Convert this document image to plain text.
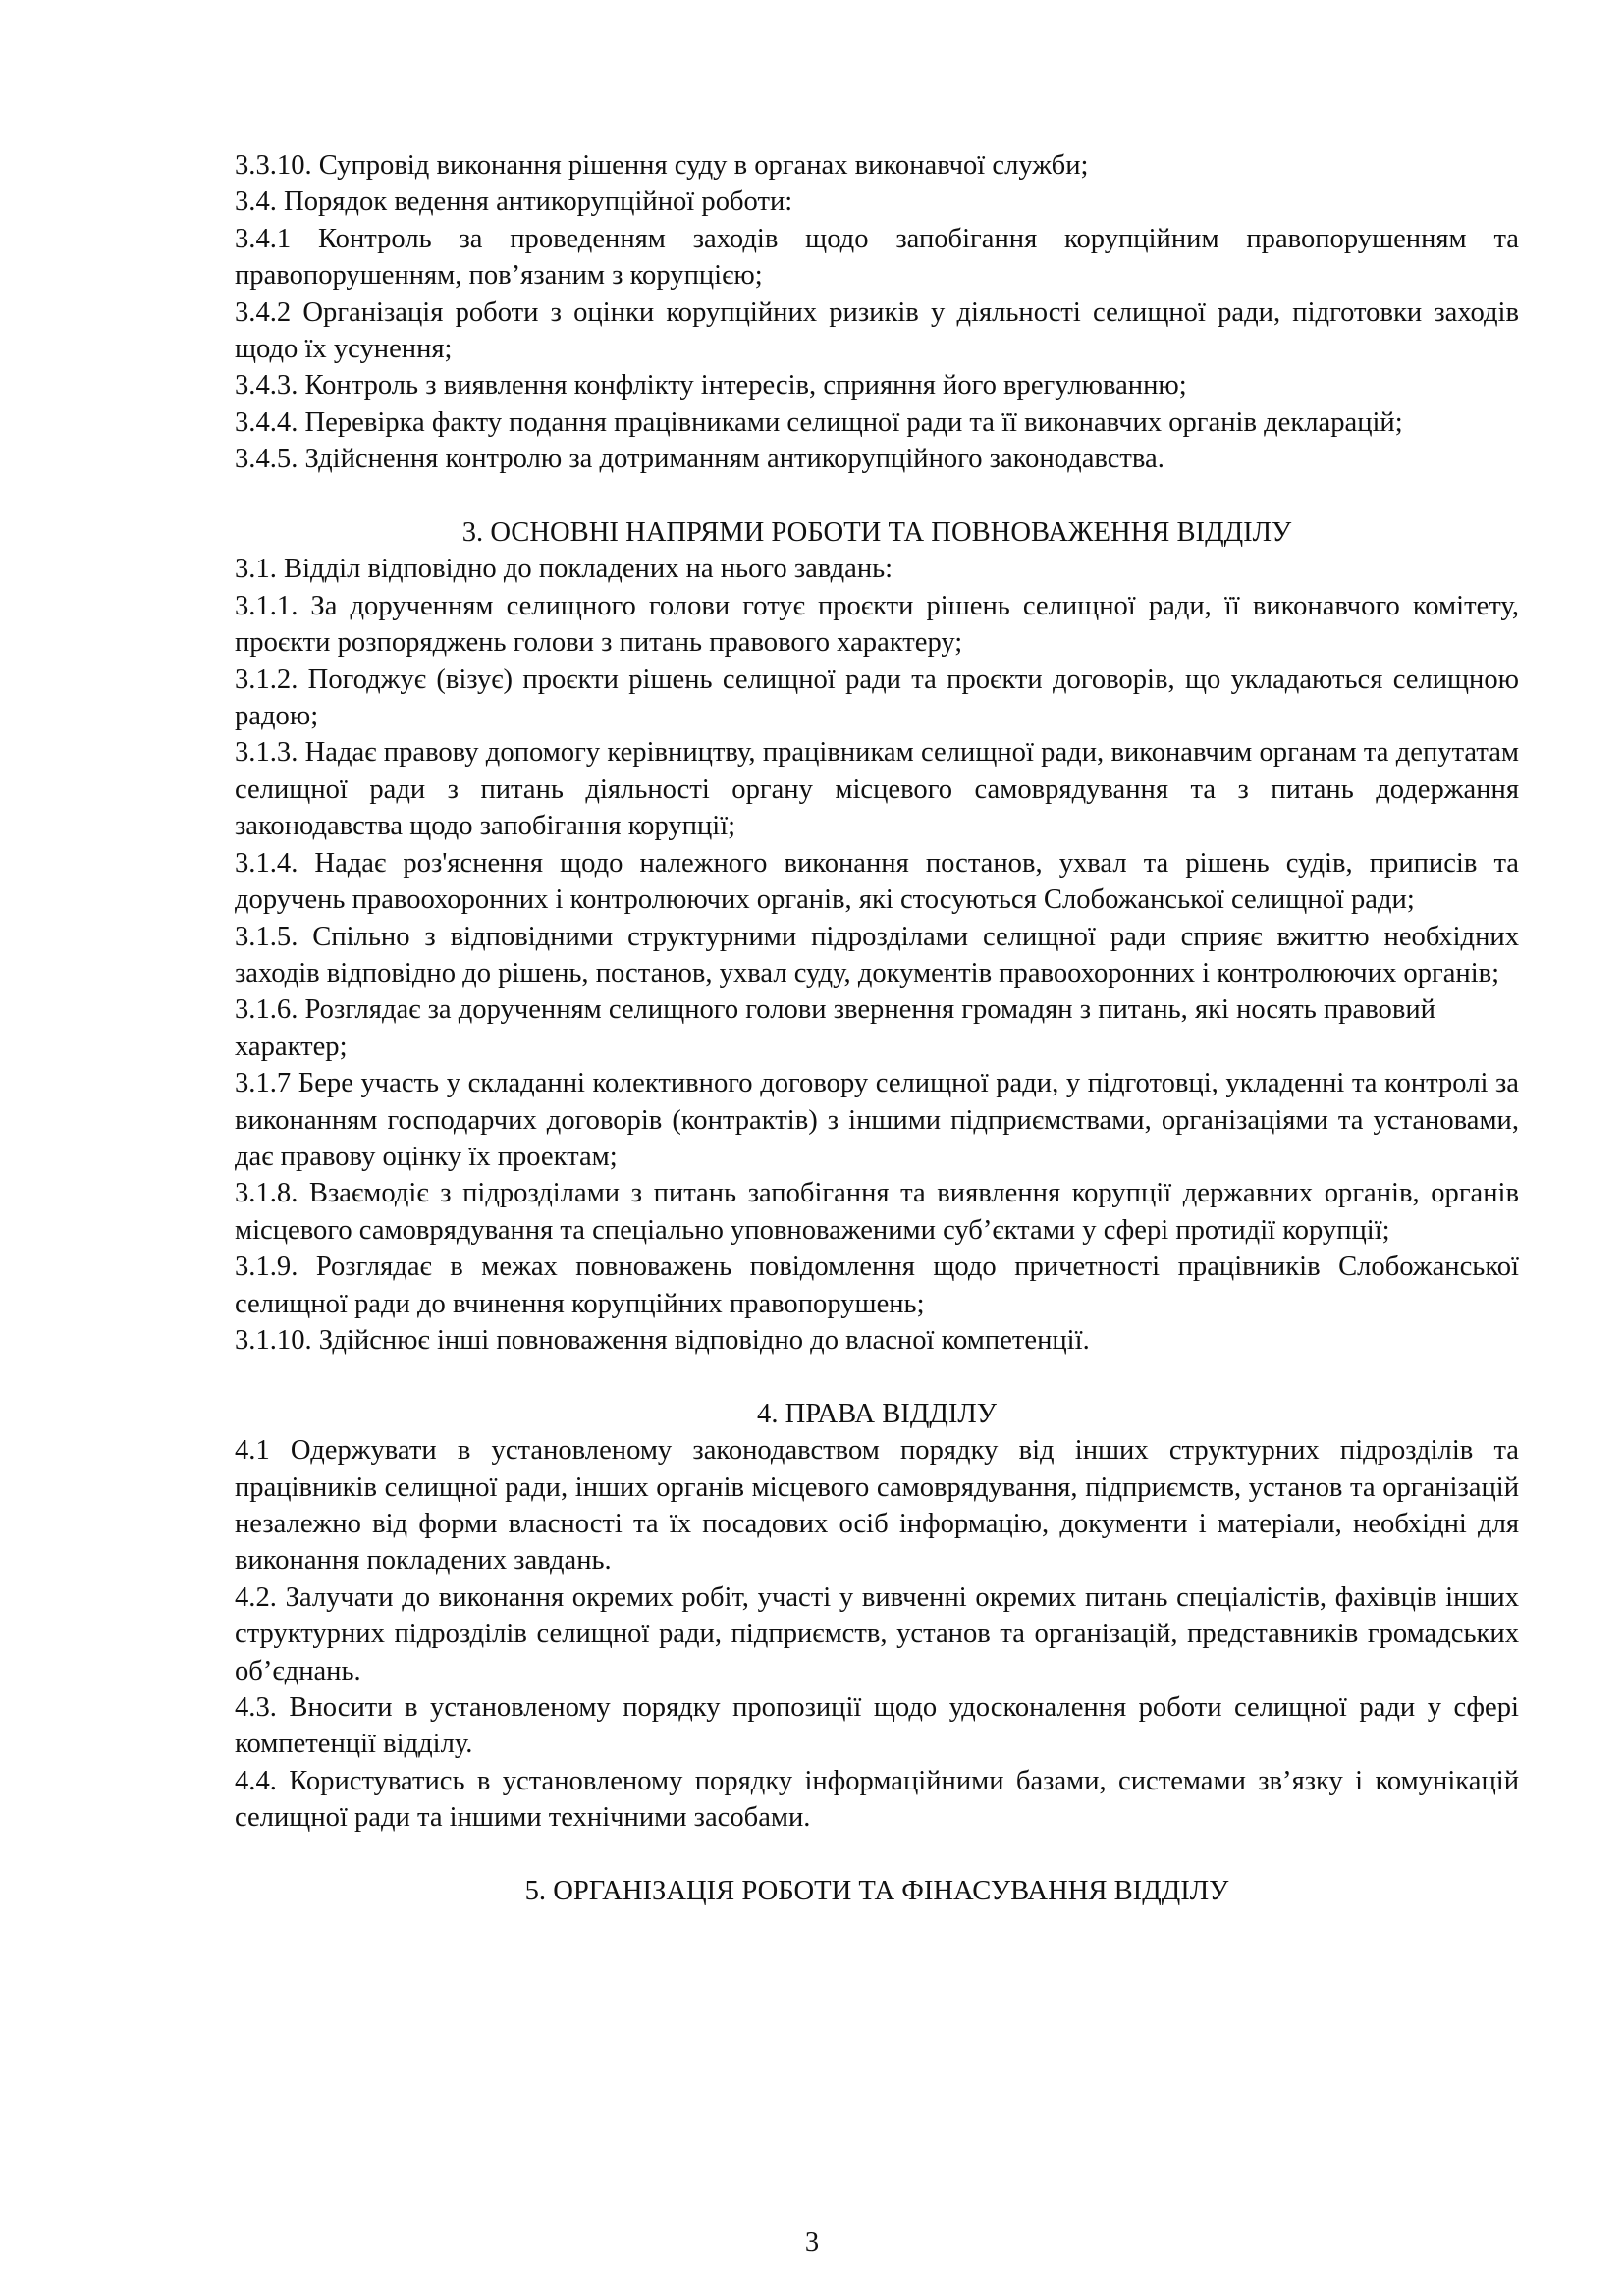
3.3.10. Супровід виконання рішення суду в органах виконавчої служби;

3.4. Порядок ведення антикорупційної роботи:

3.4.1 Контроль за проведенням заходів щодо запобігання корупційним правопорушенням та правопорушенням, пов’язаним з корупцією;

3.4.2 Організація роботи з оцінки корупційних ризиків у діяльності селищної ради, підготовки заходів щодо їх усунення;

3.4.3. Контроль з виявлення конфлікту інтересів, сприяння його врегулюванню;

3.4.4. Перевірка факту подання працівниками селищної ради та її виконавчих органів декларацій;

3.4.5. Здійснення контролю за дотриманням антикорупційного законодавства.

3. ОСНОВНІ НАПРЯМИ РОБОТИ ТА ПОВНОВАЖЕННЯ ВІДДІЛУ

3.1. Відділ відповідно до покладених на нього завдань:

3.1.1. За дорученням селищного голови готує проєкти рішень селищної ради, її виконавчого комітету, проєкти розпоряджень голови з питань правового характеру;

3.1.2. Погоджує (візує) проєкти рішень селищної ради та проєкти договорів, що укладаються селищною радою;

3.1.3. Надає правову допомогу керівництву, працівникам селищної ради, виконавчим органам та депутатам селищної ради з питань діяльності органу місцевого самоврядування та з питань додержання законодавства щодо запобігання корупції;

3.1.4. Надає роз'яснення щодо належного виконання постанов, ухвал та рішень судів, приписів та доручень правоохоронних і контролюючих органів, які стосуються Слобожанської селищної ради;

3.1.5. Спільно з відповідними структурними підрозділами селищної ради сприяє вжиттю необхідних заходів відповідно до рішень, постанов, ухвал суду, документів правоохоронних і контролюючих органів;

3.1.6. Розглядає за дорученням селищного голови звернення громадян з питань, які носять правовий характер;

3.1.7 Бере участь у складанні колективного договору селищної ради, у підготовці, укладенні та контролі за виконанням господарчих договорів (контрактів) з іншими підприємствами, організаціями та установами, дає правову оцінку їх проектам;

3.1.8. Взаємодіє з підрозділами з питань запобігання та виявлення корупції державних органів, органів місцевого самоврядування та спеціально уповноваженими суб’єктами у сфері протидії корупції;

3.1.9. Розглядає в межах повноважень повідомлення щодо причетності працівників Слобожанської селищної ради до вчинення корупційних правопорушень;

3.1.10. Здійснює інші повноваження відповідно до власної компетенції.

4. ПРАВА ВІДДІЛУ

4.1 Одержувати в установленому законодавством порядку від інших структурних підрозділів та працівників селищної ради, інших органів місцевого самоврядування, підприємств, установ та організацій незалежно від форми власності та їх посадових осіб інформацію, документи і матеріали, необхідні для виконання покладених завдань.

4.2. Залучати до виконання окремих робіт, участі у вивченні окремих питань спеціалістів, фахівців інших структурних підрозділів селищної ради, підприємств, установ та організацій, представників громадських об’єднань.

4.3. Вносити в установленому порядку пропозиції щодо удосконалення роботи селищної ради у сфері компетенції відділу.

4.4. Користуватись в установленому порядку інформаційними базами, системами зв’язку і комунікацій селищної ради та іншими технічними засобами.

5. ОРГАНІЗАЦІЯ РОБОТИ ТА ФІНАСУВАННЯ ВІДДІЛУ
3
